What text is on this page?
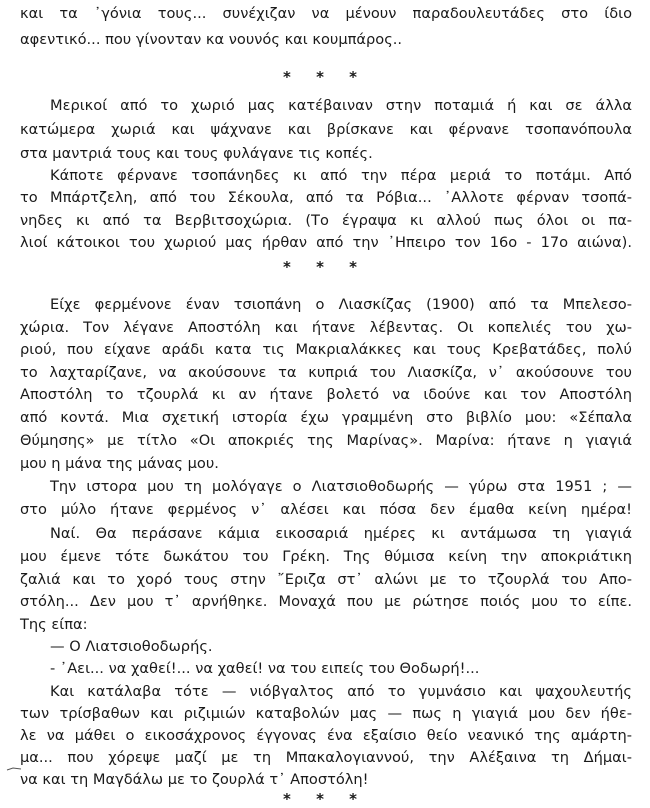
και τα ᾿γόνια τους... συνέχιζαν να μένουν παραδουλευτάδες στο ίδιο
αφεντικό... που γίνονταν κα νουνός και κουμπάρος..
* * *
Μερικοί από το χωριό μας κατέβαιναν στην ποταμιά ή και σε άλλα
κατώμερα χωριά και ψάχνανε και βρίσκανε και φέρνανε τσοπανόπουλα
στα μαντριά τους και τους φυλάγανε τις κοπές.
Κάποτε φέρνανε τσοπάνηδες κι από την πέρα μεριά το ποτάμι. Από
το Μπάρτζελη, από του Σέκουλα, από τα Ρόβια... ᾿Αλλοτε φέρναν τσοπά-
νηδες κι από τα Βερβιτσοχώρια. (Το έγραψα κι αλλού πως όλοι οι πα-
λιοί κάτοικοι του χωριού μας ήρθαν από την ᾿Ηπειρο τον 16ο - 17ο αιώνα).
* * *
Είχε φερμένονε έναν τσιοπάνη ο Λιασκίζας (1900) από τα Μπελεσο-
χώρια. Τον λέγανε Αποστόλη και ήτανε λέβεντας. Οι κοπελιές του χω-
ριού, που είχανε αράδι κατα τις Μακριαλάκκες και τους Κρεβατάδες, πολύ
το λαχταρίζανε, να ακούσουνε τα κυπριά του Λιασκίζα, ν᾿ ακούσουνε του
Αποστόλη το τζουρλά κι αν ήτανε βολετό να ιδούνε και τον Αποστόλη
από κοντά. Μια σχετική ιστορία έχω γραμμένη στο βιβλίο μου: «Σέπαλα
Θύμησης» με τίτλο «Οι αποκριές της Μαρίνας». Μαρίνα: ήτανε η γιαγιά
μου η μάνα της μάνας μου.
Την ιστορα μου τη μολόγαγε ο Λιατσιοθοδωρής — γύρω στα 1951 ; —
στο μύλο ήτανε φερμένος ν᾿ αλέσει και πόσα δεν έμαθα κείνη ημέρα!
Ναί. Θα περάσανε κάμια εικοσαριά ημέρες κι αντάμωσα τη γιαγιά
μου έμενε τότε δωκάτου του Γρέκη. Της θύμισα κείνη την αποκριάτικη
ζαλιά και το χορό τους στην ῎Εριζα στ᾿ αλώνι με το τζουρλά του Απο-
στόλη... Δεν μου τ᾿ αρνήθηκε. Μοναχά που με ρώτησε ποιός μου το είπε.
Της είπα:
— Ο Λιατσιοθοδωρής.
- ᾿Αει... να χαθεί!... να χαθεί! να του ειπείς του Θοδωρή!...
Και κατάλαβα τότε — νιόβγαλτος από το γυμνάσιο και ψαχουλευτής
των τρίσβαθων και ριζιμιών καταβολών μας — πως η γιαγιά μου δεν ήθε-
λε να μάθει ο εικοσάχρονος έγγονας ένα εξαίσιο θείο νεανικό της αμάρτη-
μα... που χόρεψε μαζί με τη Μπακαλογιαννού, την Αλέξαινα τη Δήμαι-
να και τη Μαγδάλω με το ζουρλά τ᾿ Αποστόλη!
* * *
